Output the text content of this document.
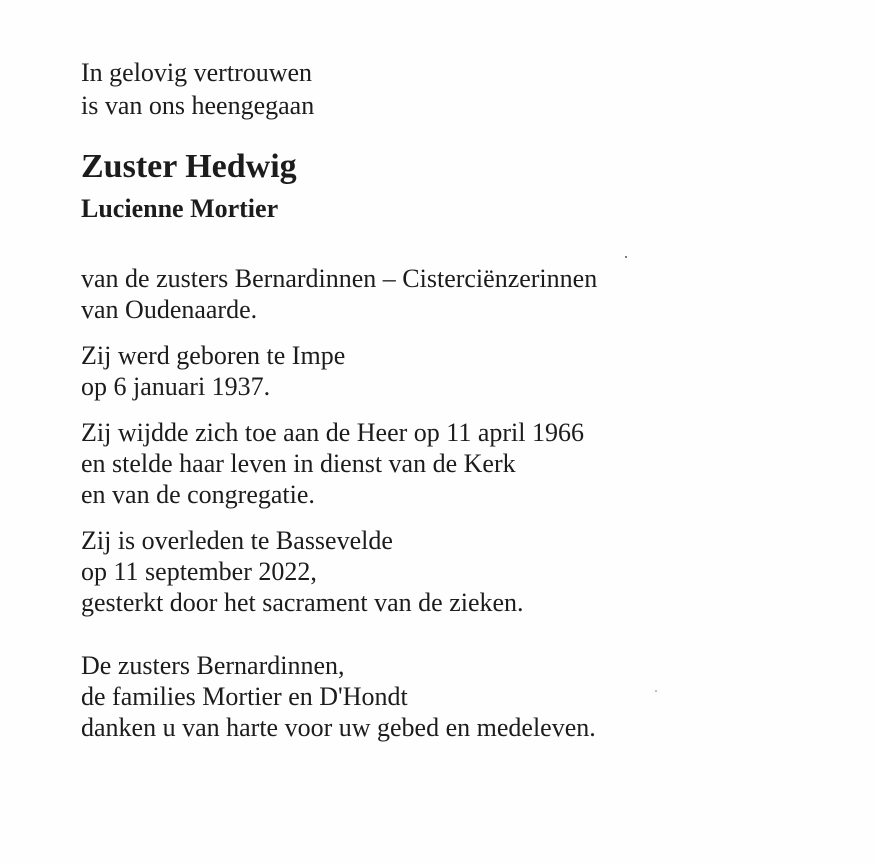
In gelovig vertrouwen
is van ons heengegaan

Zuster Hedwig
Lucienne Mortier

van de zusters Bernardinnen – Cisterciënzerinnen
van Oudenaarde.

Zij werd geboren te Impe
op 6 januari 1937.

Zij wijdde zich toe aan de Heer op 11 april 1966
en stelde haar leven in dienst van de Kerk
en van de congregatie.

Zij is overleden te Bassevelde
op 11 september 2022,
gesterkt door het sacrament van de zieken.

De zusters Bernardinnen,
de families Mortier en D'Hondt
danken u van harte voor uw gebed en medeleven.
